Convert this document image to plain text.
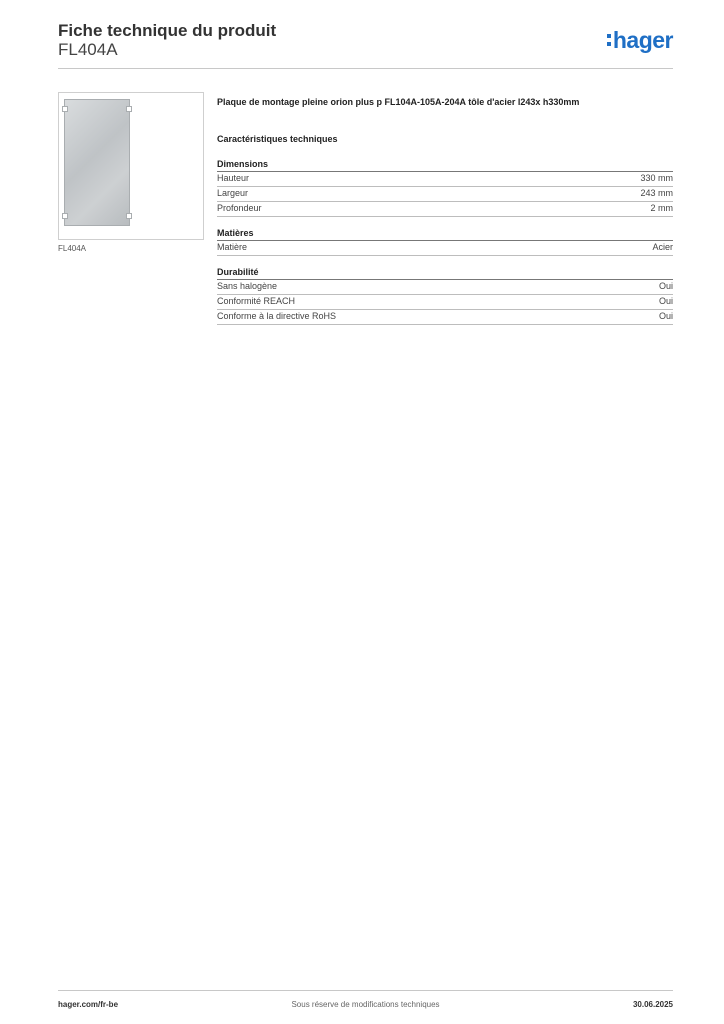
Fiche technique du produit
FL404A	hager
FL404A

Plaque de montage pleine orion plus p FL104A-105A-204A tôle d'acier l243x h330mm

Caractéristiques techniques
Dimensions
Hauteur	330 mm
Largeur	243 mm
Profondeur	2 mm
Matières
Matière	Acier
Durabilité
Sans halogène	Oui
Conformité REACH	Oui
Conforme à la directive RoHS	Oui
hager.com/fr-be	Sous réserve de modifications techniques	30.06.2025
